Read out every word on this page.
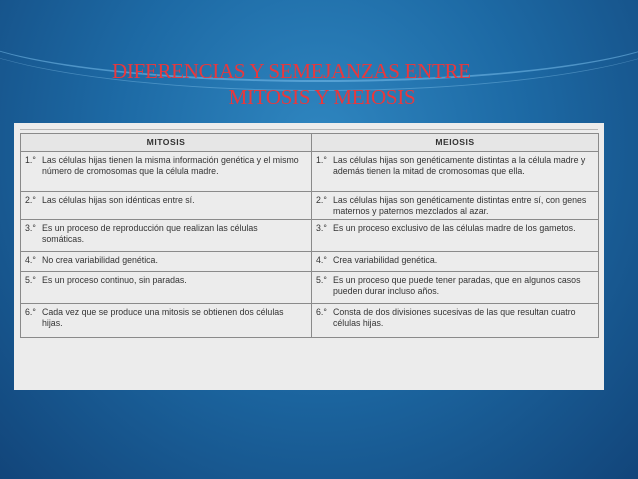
DIFERENCIAS Y SEMEJANZAS ENTRE
MITOSIS Y MEIOSIS
MITOSIS	MEIOSIS
1.° Las células hijas tienen la misma información genética y el mismo número de cromosomas que la célula madre.	1.° Las células hijas son genéticamente distintas a la célula madre y además tienen la mitad de cromosomas que ella.
2.° Las células hijas son idénticas entre sí.	2.° Las células hijas son genéticamente distintas entre sí, con genes maternos y paternos mezclados al azar.
3.° Es un proceso de reproducción que realizan las células somáticas.	3.° Es un proceso exclusivo de las células madre de los gametos.
4.° No crea variabilidad genética.	4.° Crea variabilidad genética.
5.° Es un proceso continuo, sin paradas.	5.° Es un proceso que puede tener paradas, que en algunos casos pueden durar incluso años.
6.° Cada vez que se produce una mitosis se obtienen dos células hijas.	6.° Consta de dos divisiones sucesivas de las que resultan cuatro células hijas.
